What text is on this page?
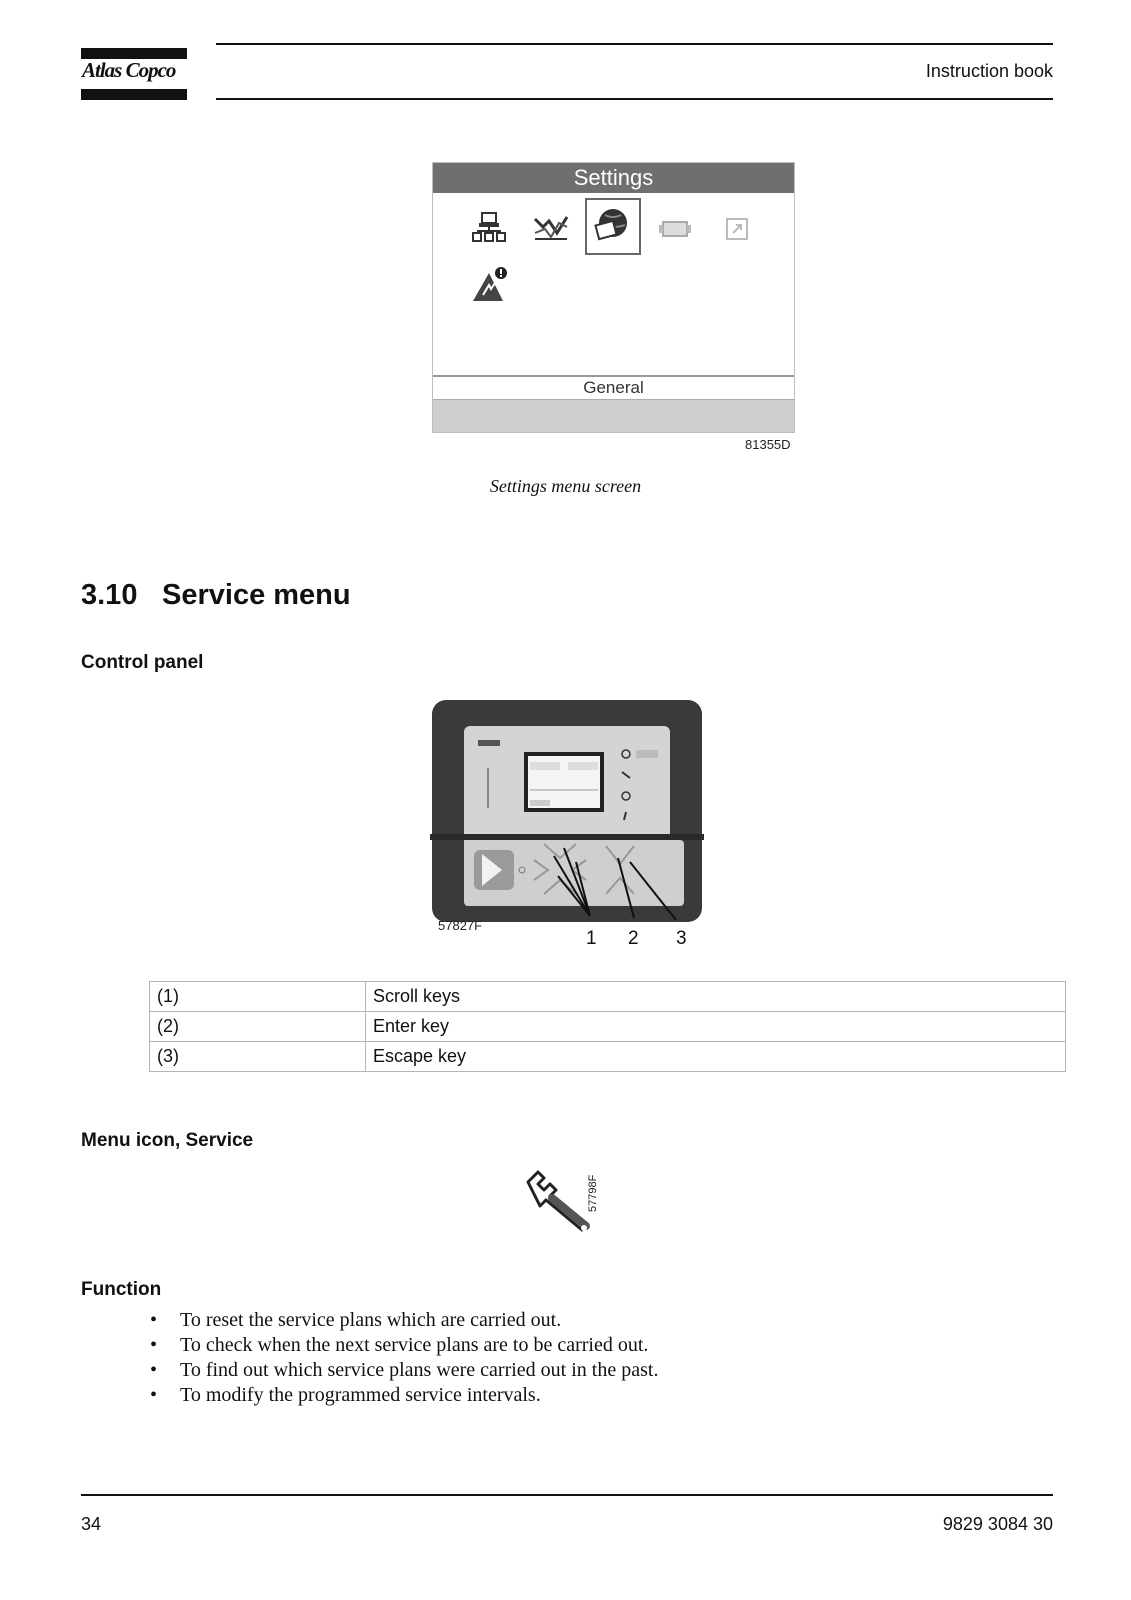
Atlas Copco	Instruction book
Settings
General
81355D
Settings menu screen
3.10 Service menu
Control panel
57827F
1 2 3
(1)	Scroll keys
(2)	Enter key
(3)	Escape key
Menu icon, Service
57798F
Function
• To reset the service plans which are carried out.
• To check when the next service plans are to be carried out.
• To find out which service plans were carried out in the past.
• To modify the programmed service intervals.
34	9829 3084 30
